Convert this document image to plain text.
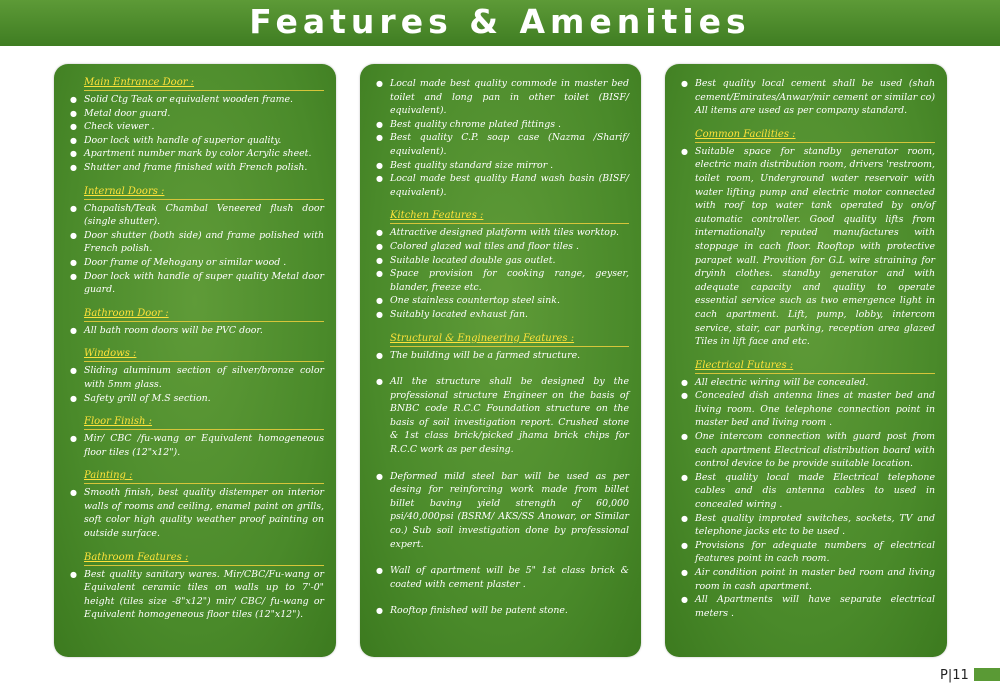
Features & Amenities
Main Entrance Door :
● Solid Ctg Teak or equivalent wooden frame.
● Metal door guard.
● Check viewer .
● Door lock with handle of superior quality.
● Apartment number mark by color Acrylic sheet.
● Shutter and frame finished with French polish.
Internal Doors :
● Chapalish/Teak Chambal Veneered flush door (single shutter).
● Door shutter (both side) and frame polished with French polish.
● Door frame of Mehogany or similar wood .
● Door lock with handle of super quality Metal door guard.
Bathroom Door :
● All bath room doors will be PVC door.
Windows :
● Sliding aluminum section of silver/bronze color with 5mm glass.
● Safety grill of M.S section.
Floor Finish :
● Mir/ CBC /fu-wang or Equivalent homogeneous floor tiles (12"x12").
Painting :
● Smooth finish, best quality distemper on interior walls of rooms and ceiling, enamel paint on grills, soft color high quality weather proof painting on outside surface.
Bathroom Features :
● Best quality sanitary wares. Mir/CBC/Fu-wang or Equivalent ceramic tiles on walls up to 7'-0" height (tiles size -8"x12") mir/ CBC/ fu-wang or Equivalent homogeneous floor tiles (12"x12").
● Local made best quality commode in master bed toilet and long pan in other toilet (BISF/ equivalent).
● Best quality chrome plated fittings .
● Best quality C.P. soap case (Nazma /Sharif/ equivalent).
● Best quality standard size mirror .
● Local made best quality Hand wash basin (BISF/ equivalent).
Kitchen Features :
● Attractive designed platform with tiles worktop.
● Colored glazed wal tiles and floor tiles .
● Suitable located double gas outlet.
● Space provision for cooking range, geyser, blander, freeze etc.
● One stainless countertop steel sink.
● Suitably located exhaust fan.
Structural & Engineering Features :
● The building will be a farmed structure.
● All the structure shall be designed by the professional structure Engineer on the basis of BNBC code R.C.C Foundation structure on the basis of soil investigation report. Crushed stone & 1st class brick/picked jhama brick chips for R.C.C work as per desing.
● Deformed mild steel bar will be used as per desing for reinforcing work made from billet billet baving yield strength of 60,000 psi/40,000psi (BSRM/ AKS/SS Anowar, or Similar co.) Sub soil investigation done by professional expert.
● Wall of apartment will be 5" 1st class brick & coated with cement plaster .
● Rooftop finished will be patent stone.
● Best quality local cement shall be used (shah cement/Emirates/Anwar/mir cement or similar co) All items are used as per company standard.
Common Facilities :
● Suitable space for standby generator room, electric main distribution room, drivers 'restroom, toilet room, Underground water reservoir with water lifting pump and electric motor connected with roof top water tank operated by on/of automatic controller. Good quality lifts from internationally reputed manufactures with stoppage in cach floor. Rooftop with protective parapet wall. Provition for G.L wire straining for dryinh clothes. standby generator and with adequate capacity and quality to operate essential service such as two emergence light in cach apartment. Lift, pump, lobby, intercom service, stair, car parking, reception area glazed Tiles in lift face and etc.
Electrical Futures :
● All electric wiring will be concealed.
● Concealed dish antenna lines at master bed and living room. One telephone connection point in master bed and living room .
● One intercom connection with guard post from each apartment Electrical distribution board with control device to be provide suitable location.
● Best quality local made Electrical telephone cables and dis antenna cables to used in concealed wiring .
● Best quality improted switches, sockets, TV and telephone jacks etc to be used .
● Provisions for adequate numbers of electrical features point in cach room.
● Air condition point in master bed room and living room in cash apartment.
● All Apartments will have separate electrical meters .
P|11
